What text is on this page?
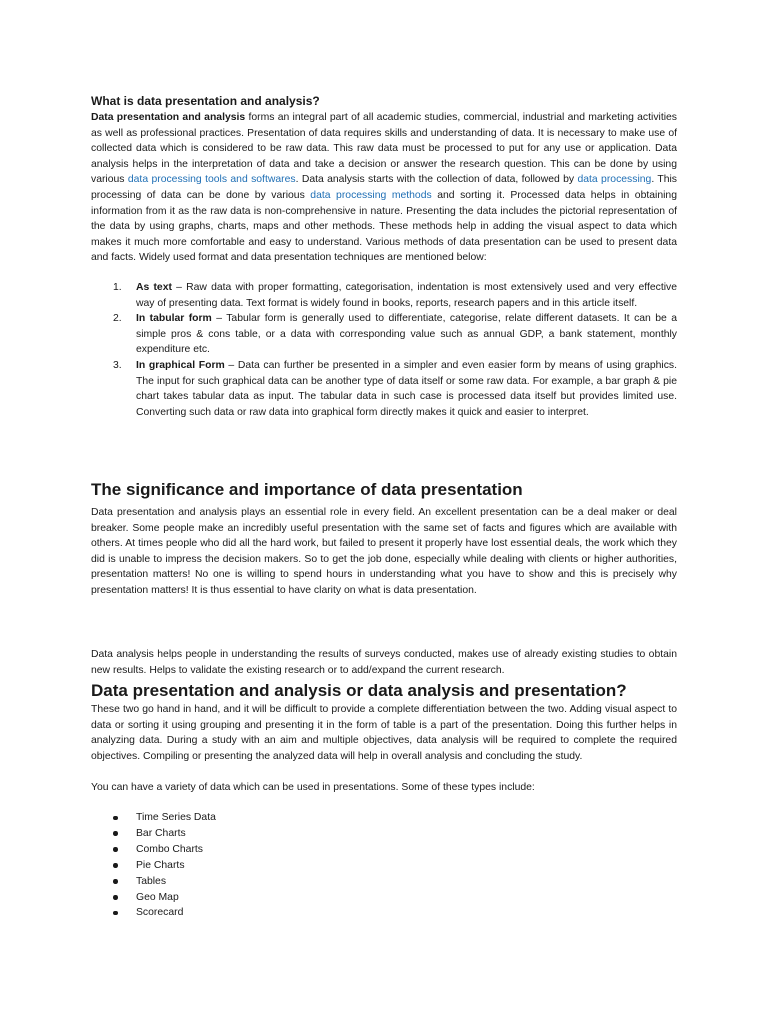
What is data presentation and analysis?

Data presentation and analysis forms an integral part of all academic studies, commercial, industrial and marketing activities as well as professional practices. Presentation of data requires skills and understanding of data. It is necessary to make use of collected data which is considered to be raw data. This raw data must be processed to put for any use or application. Data analysis helps in the interpretation of data and take a decision or answer the research question. This can be done by using various data processing tools and softwares. Data analysis starts with the collection of data, followed by data processing. This processing of data can be done by various data processing methods and sorting it. Processed data helps in obtaining information from it as the raw data is non-comprehensive in nature. Presenting the data includes the pictorial representation of the data by using graphs, charts, maps and other methods. These methods help in adding the visual aspect to data which makes it much more comfortable and easy to understand. Various methods of data presentation can be used to present data and facts. Widely used format and data presentation techniques are mentioned below:

1. As text – Raw data with proper formatting, categorisation, indentation is most extensively used and very effective way of presenting data. Text format is widely found in books, reports, research papers and in this article itself.
2. In tabular form – Tabular form is generally used to differentiate, categorise, relate different datasets. It can be a simple pros & cons table, or a data with corresponding value such as annual GDP, a bank statement, monthly expenditure etc.
3. In graphical Form – Data can further be presented in a simpler and even easier form by means of using graphics. The input for such graphical data can be another type of data itself or some raw data. For example, a bar graph & pie chart takes tabular data as input. The tabular data in such case is processed data itself but provides limited use. Converting such data or raw data into graphical form directly makes it quick and easier to interpret.
The significance and importance of data presentation

Data presentation and analysis plays an essential role in every field. An excellent presentation can be a deal maker or deal breaker. Some people make an incredibly useful presentation with the same set of facts and figures which are available with others. At times people who did all the hard work, but failed to present it properly have lost essential deals, the work which they did is unable to impress the decision makers. So to get the job done, especially while dealing with clients or higher authorities, presentation matters! No one is willing to spend hours in understanding what you have to show and this is precisely why presentation matters! It is thus essential to have clarity on what is data presentation.

Data analysis helps people in understanding the results of surveys conducted, makes use of already existing studies to obtain new results. Helps to validate the existing research or to add/expand the current research.

Data presentation and analysis or data analysis and presentation?

These two go hand in hand, and it will be difficult to provide a complete differentiation between the two. Adding visual aspect to data or sorting it using grouping and presenting it in the form of table is a part of the presentation. Doing this further helps in analyzing data. During a study with an aim and multiple objectives, data analysis will be required to complete the required objectives. Compiling or presenting the analyzed data will help in overall analysis and concluding the study.

You can have a variety of data which can be used in presentations. Some of these types include:

Time Series Data
Bar Charts
Combo Charts
Pie Charts
Tables
Geo Map
Scorecard
